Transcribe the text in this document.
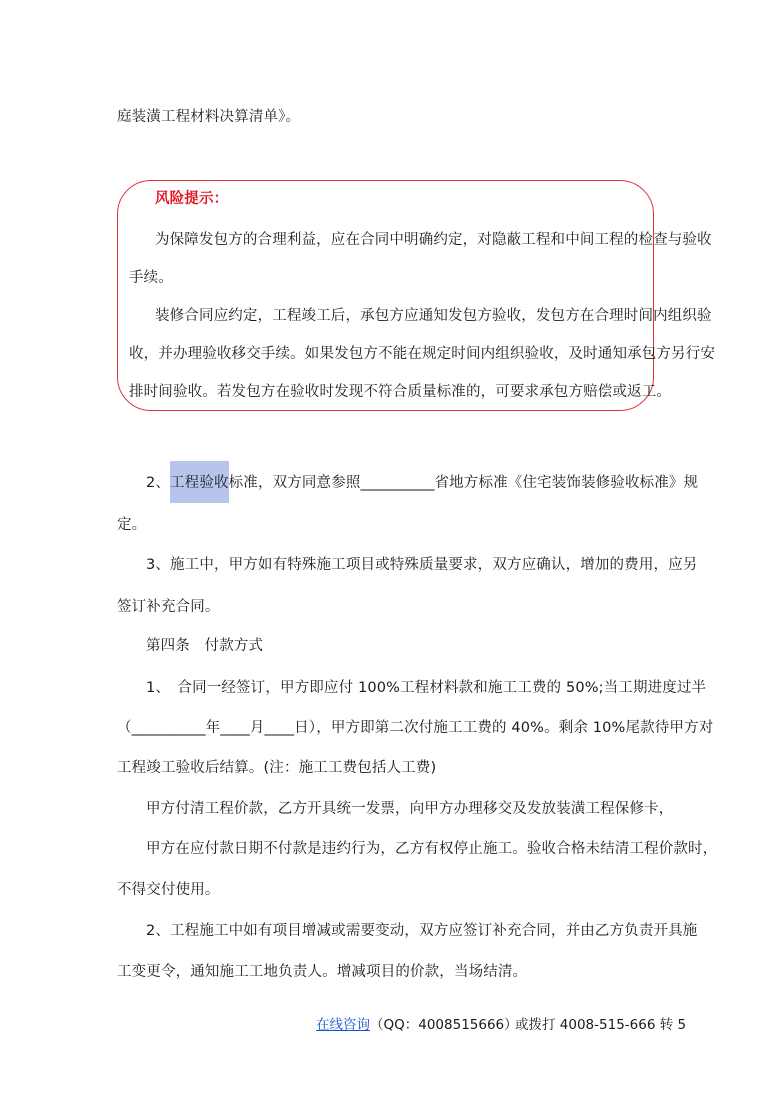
庭装潢工程材料决算清单》。
风险提示：
为保障发包方的合理利益，应在合同中明确约定，对隐蔽工程和中间工程的检查与验收
手续。
装修合同应约定，工程竣工后，承包方应通知发包方验收，发包方在合理时间内组织验
收，并办理验收移交手续。如果发包方不能在规定时间内组织验收，及时通知承包方另行安
排时间验收。若发包方在验收时发现不符合质量标准的，可要求承包方赔偿或返工。
2、工程验收标准，双方同意参照__________省地方标准《住宅装饰装修验收标准》规
定。
3、施工中，甲方如有特殊施工项目或特殊质量要求，双方应确认，增加的费用，应另
签订补充合同。
第四条　付款方式
1、　合同一经签订，甲方即应付 100%工程材料款和施工工费的 50%;当工期进度过半
（__________年____月____日），甲方即第二次付施工工费的 40%。剩余 10%尾款待甲方对
工程竣工验收后结算。(注：施工工费包括人工费)
甲方付清工程价款，乙方开具统一发票，向甲方办理移交及发放装潢工程保修卡，
甲方在应付款日期不付款是违约行为，乙方有权停止施工。验收合格未结清工程价款时，
不得交付使用。
2、工程施工中如有项目增减或需要变动，双方应签订补充合同，并由乙方负责开具施
工变更令，通知施工工地负责人。增减项目的价款，当场结清。
在线咨询（QQ：4008515666）
或拨打 4008-515-666 转 5
